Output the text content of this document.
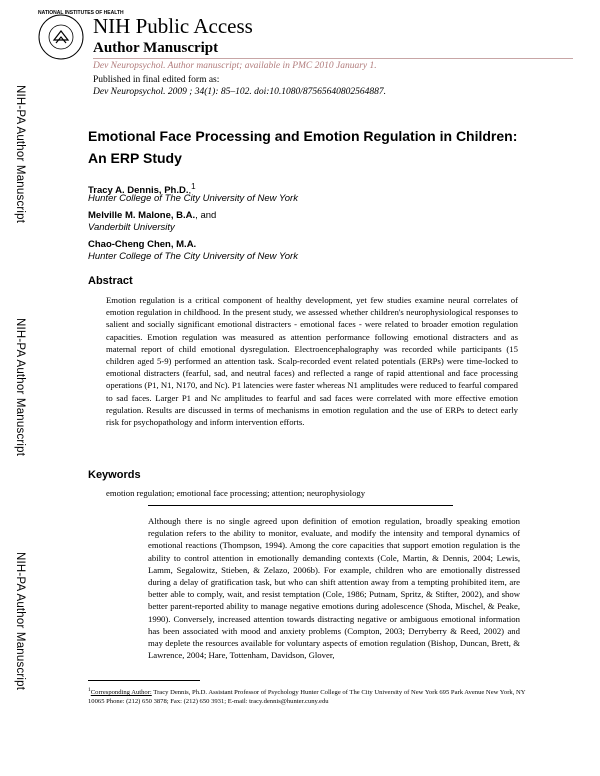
NATIONAL INSTITUTES OF HEALTH
NIH Public Access
Author Manuscript
Dev Neuropsychol. Author manuscript; available in PMC 2010 January 1.
Published in final edited form as:
Dev Neuropsychol. 2009 ; 34(1): 85–102. doi:10.1080/87565640802564887.
NIH-PA Author Manuscript
NIH-PA Author Manuscript
NIH-PA Author Manuscript
Emotional Face Processing and Emotion Regulation in Children:
An ERP Study
Tracy A. Dennis, Ph.D.,$^1$
Hunter College of The City University of New York
Melville M. Malone, B.A., and
Vanderbilt University
Chao-Cheng Chen, M.A.
Hunter College of The City University of New York
Abstract
Emotion regulation is a critical component of healthy development, yet few studies examine neural correlates of emotion regulation in childhood. In the present study, we assessed whether children's neurophysiological responses to salient and socially significant emotional distracters - emotional faces - were related to broader emotion regulation capacities. Emotion regulation was measured as attention performance following emotional distracters and as maternal report of child emotional dysregulation. Electroencephalography was recorded while participants (15 children aged 5-9) performed an attention task. Scalp-recorded event related potentials (ERPs) were time-locked to emotional distracters (fearful, sad, and neutral faces) and reflected a range of rapid attentional and face processing operations (P1, N1, N170, and Nc). P1 latencies were faster whereas N1 amplitudes were reduced to fearful compared to sad faces. Larger P1 and Nc amplitudes to fearful and sad faces were correlated with more effective emotion regulation. Results are discussed in terms of mechanisms in emotion regulation and the use of ERPs to detect early risk for psychopathology and inform intervention efforts.
Keywords
emotion regulation; emotional face processing; attention; neurophysiology
Although there is no single agreed upon definition of emotion regulation, broadly speaking emotion regulation refers to the ability to monitor, evaluate, and modify the intensity and temporal dynamics of emotional reactions (Thompson, 1994). Among the core capacities that support emotion regulation is the ability to control attention in emotionally demanding contexts (Cole, Martin, & Dennis, 2004; Lewis, Lamm, Segalowitz, Stieben, & Zelazo, 2006b). For example, children who are emotionally distressed during a delay of gratification task, but who can shift attention away from a tempting prohibited item, are better able to comply, wait, and resist temptation (Cole, 1986; Putnam, Spritz, & Stifter, 2002), and show better parent-reported ability to manage negative emotions during adolescence (Shoda, Mischel, & Peake, 1990). Conversely, increased attention towards distracting negative or ambiguous emotional information has been associated with mood and anxiety problems (Compton, 2003; Derryberry & Reed, 2002) and may deplete the resources available for voluntary aspects of emotion regulation (Bishop, Duncan, Brett, & Lawrence, 2004; Hare, Tottenham, Davidson, Glover,
$^1$Corresponding Author: Tracy Dennis, Ph.D. Assistant Professor of Psychology Hunter College of The City University of New York 695 Park Avenue New York, NY 10065 Phone: (212) 650 3878; Fax: (212) 650 3931; E-mail: tracy.dennis@hunter.cuny.edu
